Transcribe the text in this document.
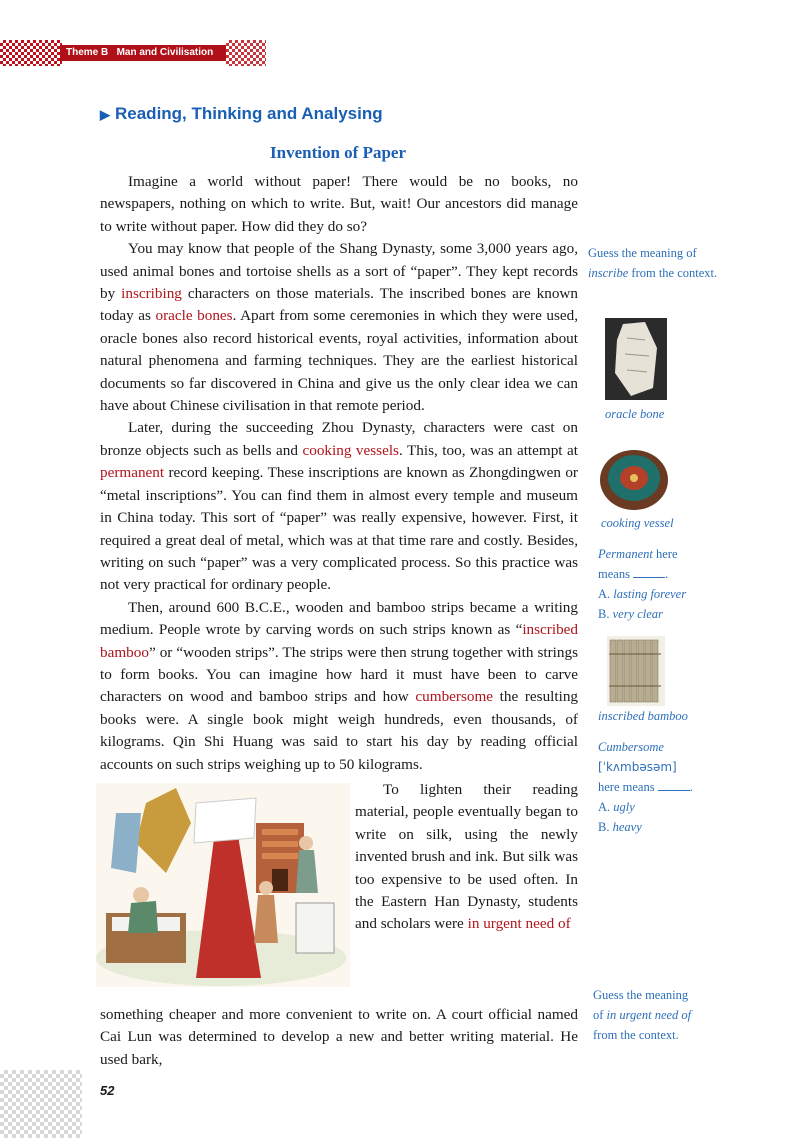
Theme B Man and Civilisation
▶ Reading, Thinking and Analysing
Invention of Paper

Imagine a world without paper! There would be no books, no newspapers, nothing on which to write. But, wait! Our ancestors did manage to write without paper. How did they do so?

You may know that people of the Shang Dynasty, some 3,000 years ago, used animal bones and tortoise shells as a sort of “paper”. They kept records by inscribing characters on those materials. The inscribed bones are known today as oracle bones. Apart from some ceremonies in which they were used, oracle bones also record historical events, royal activities, information about natural phenomena and farming techniques. They are the earliest historical documents so far discovered in China and give us the only clear idea we can have about Chinese civilisation in that remote period.

Later, during the succeeding Zhou Dynasty, characters were cast on bronze objects such as bells and cooking vessels. This, too, was an attempt at permanent record keeping. These inscriptions are known as Zhongdingwen or “metal inscriptions”. You can find them in almost every temple and museum in China today. This sort of “paper” was really expensive, however. First, it required a great deal of metal, which was at that time rare and costly. Besides, writing on such “paper” was a very complicated process. So this practice was not very practical for ordinary people.

Then, around 600 B.C.E., wooden and bamboo strips became a writing medium. People wrote by carving words on such strips known as “inscribed bamboo” or “wooden strips”. The strips were then strung together with strings to form books. You can imagine how hard it must have been to carve characters on wood and bamboo strips and how cumbersome the resulting books were. A single book might weigh hundreds, even thousands, of kilograms. Qin Shi Huang was said to start his day by reading official accounts on such strips weighing up to 50 kilograms.

To lighten their reading material, people eventually began to write on silk, using the newly invented brush and ink. But silk was too expensive to be used often. In the Eastern Han Dynasty, students and scholars were in urgent need of

something cheaper and more convenient to write on. A court official named Cai Lun was determined to develop a new and better writing material. He used bark,
Guess the meaning of inscribe from the context.
oracle bone
cooking vessel
Permanent here
means	.
A. lasting forever
B. very clear
inscribed bamboo
Cumbersome
[ˈkʌmbəsəm]
here means	.
A. ugly
B. heavy
Guess the meaning
of in urgent need of
from the context.
52
